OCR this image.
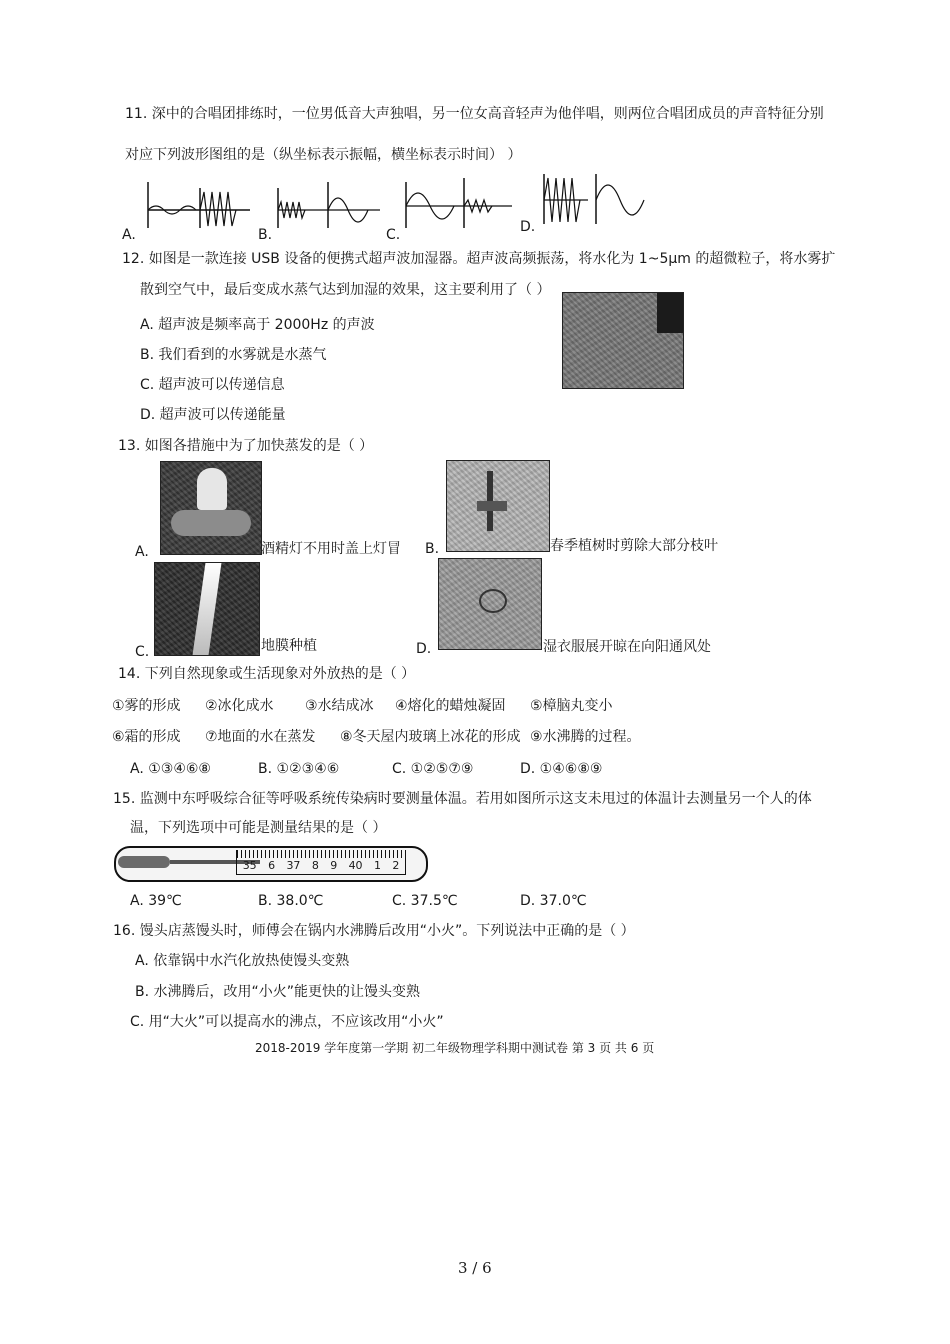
11. 深中的合唱团排练时，一位男低音大声独唱，另一位女高音轻声为他伴唱，则两位合唱团成员的声音特征分别
对应下列波形图组的是（纵坐标表示振幅，横坐标表示时间） ）
A.	B.	C.	D.
12. 如图是一款连接 USB 设备的便携式超声波加湿器。超声波高频振荡，将水化为 1~5μm 的超微粒子，将水雾扩
散到空气中，最后变成水蒸气达到加湿的效果，这主要利用了（ ）
A. 超声波是频率高于 2000Hz 的声波
B. 我们看到的水雾就是水蒸气
C. 超声波可以传递信息
D. 超声波可以传递能量
13. 如图各措施中为了加快蒸发的是（ ）
A.	酒精灯不用时盖上灯冒 B.	春季植树时剪除大部分枝叶
C.	地膜种植	D.	湿衣服展开晾在向阳通风处
14. 下列自然现象或生活现象对外放热的是（ ）
①雾的形成 ②冰化成水 ③水结成冰 ④熔化的蜡烛凝固 ⑤樟脑丸变小
⑥霜的形成 ⑦地面的水在蒸发 ⑧冬天屋内玻璃上冰花的形成 ⑨水沸腾的过程。
A. ①③④⑥⑧	B. ①②③④⑥	C. ①②⑤⑦⑨	D. ①④⑥⑧⑨
15. 监测中东呼吸综合征等呼吸系统传染病时要测量体温。若用如图所示这支未甩过的体温计去测量另一个人的体
温，下列选项中可能是测量结果的是（ ）
35 6 37 8 9 40 1 2
A. 39℃	B. 38.0℃	C. 37.5℃	D. 37.0℃
16. 馒头店蒸馒头时，师傅会在锅内水沸腾后改用“小火”。下列说法中正确的是（ ）
A. 依靠锅中水汽化放热使馒头变熟
B. 水沸腾后，改用“小火”能更快的让馒头变熟
C. 用“大火”可以提高水的沸点，不应该改用“小火”
2018-2019 学年度第一学期 初二年级物理学科期中测试卷 第 3 页 共 6 页
3 / 6
